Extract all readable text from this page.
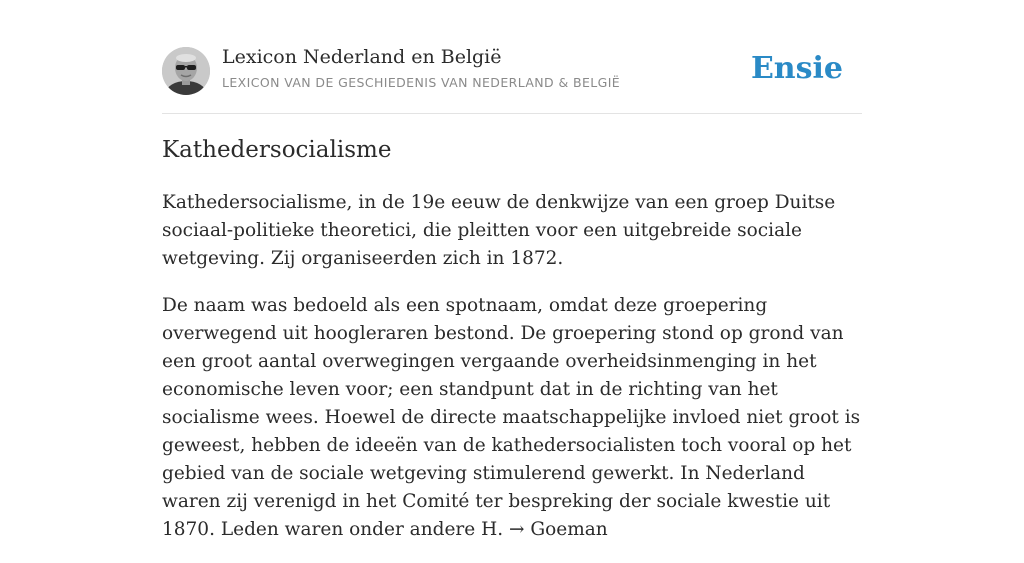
Lexicon Nederland en België
LEXICON VAN DE GESCHIEDENIS VAN NEDERLAND & BELGIË	Ensie
Kathedersocialisme

Kathedersocialisme, in de 19e eeuw de denkwijze van een groep Duitse sociaal-politieke theoretici, die pleitten voor een uitgebreide sociale wetgeving. Zij organiseerden zich in 1872.

De naam was bedoeld als een spotnaam, omdat deze groepering overwegend uit hoogleraren bestond. De groepering stond op grond van een groot aantal overwegingen vergaande overheidsinmenging in het economische leven voor; een standpunt dat in de richting van het socialisme wees. Hoewel de directe maatschappelijke invloed niet groot is geweest, hebben de ideeën van de kathedersocialisten toch vooral op het gebied van de sociale wetgeving stimulerend gewerkt. In Nederland waren zij verenigd in het Comité ter bespreking der sociale kwestie uit 1870. Leden waren onder andere H. → Goeman
